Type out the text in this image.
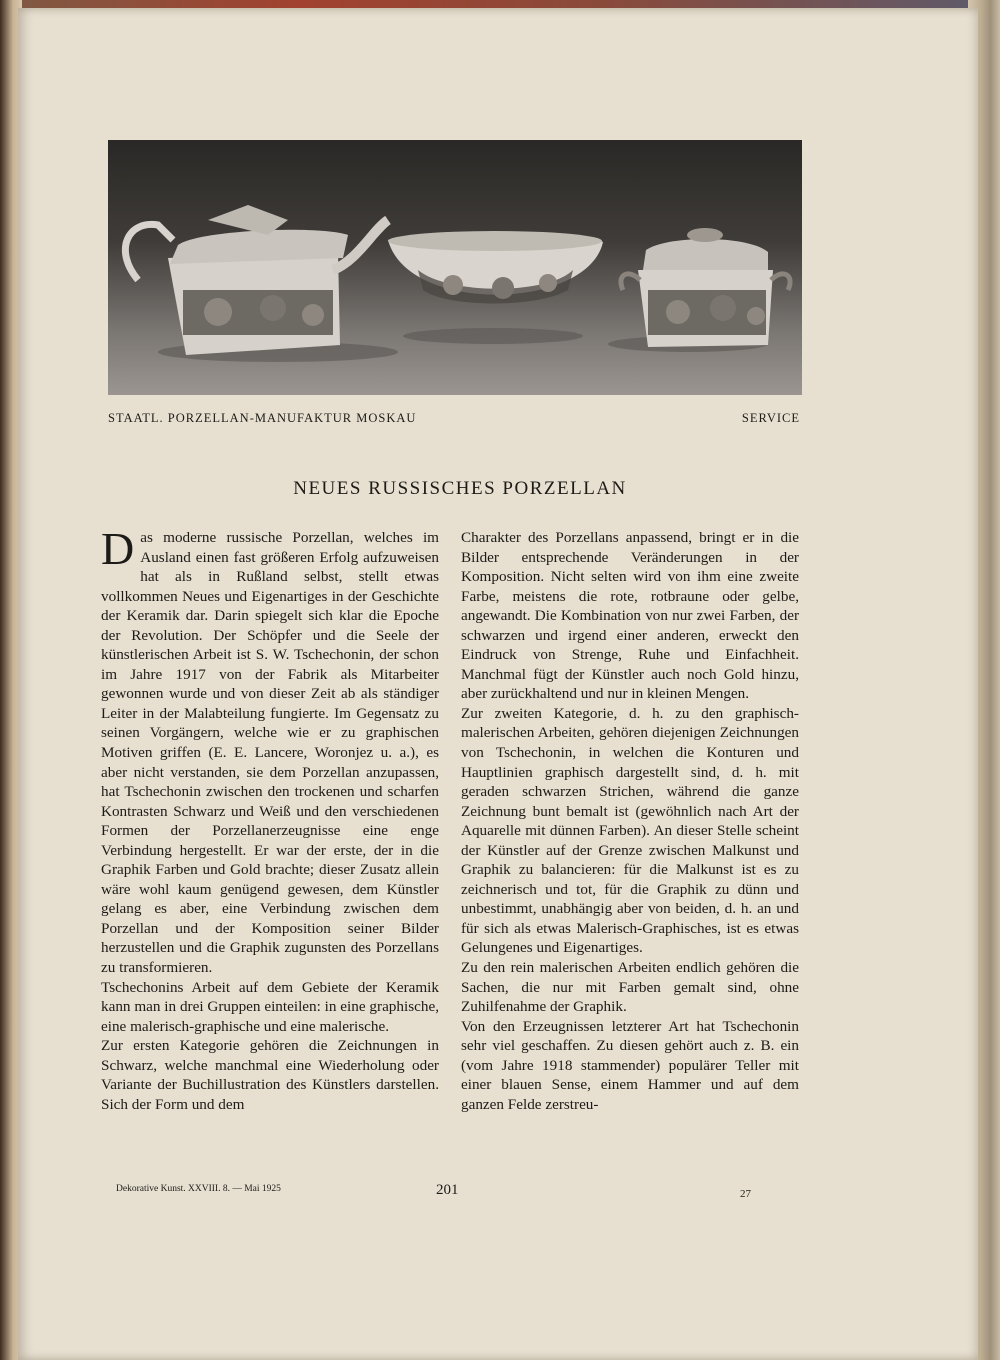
STAATL. PORZELLAN-MANUFAKTUR MOSKAU	SERVICE
NEUES RUSSISCHES PORZELLAN

Das moderne russische Porzellan, welches im Ausland einen fast größeren Erfolg aufzuweisen hat als in Rußland selbst, stellt etwas vollkommen Neues und Eigenartiges in der Geschichte der Keramik dar. Darin spiegelt sich klar die Epoche der Revolution. Der Schöpfer und die Seele der künstlerischen Arbeit ist S. W. Tschechonin, der schon im Jahre 1917 von der Fabrik als Mitarbeiter gewonnen wurde und von dieser Zeit ab als ständiger Leiter in der Malabteilung fungierte. Im Gegensatz zu seinen Vorgängern, welche wie er zu graphischen Motiven griffen (E. E. Lancere, Woronjez u. a.), es aber nicht verstanden, sie dem Porzellan anzupassen, hat Tschechonin zwischen den trockenen und scharfen Kontrasten Schwarz und Weiß und den verschiedenen Formen der Porzellanerzeugnisse eine enge Verbindung hergestellt. Er war der erste, der in die Graphik Farben und Gold brachte; dieser Zusatz allein wäre wohl kaum genügend gewesen, dem Künstler gelang es aber, eine Verbindung zwischen dem Porzellan und der Komposition seiner Bilder herzustellen und die Graphik zugunsten des Porzellans zu transformieren.

Tschechonins Arbeit auf dem Gebiete der Keramik kann man in drei Gruppen einteilen: in eine graphische, eine malerisch-graphische und eine malerische.

Zur ersten Kategorie gehören die Zeichnungen in Schwarz, welche manchmal eine Wiederholung oder Variante der Buchillustration des Künstlers darstellen. Sich der Form und dem

Charakter des Porzellans anpassend, bringt er in die Bilder entsprechende Veränderungen in der Komposition. Nicht selten wird von ihm eine zweite Farbe, meistens die rote, rotbraune oder gelbe, angewandt. Die Kombination von nur zwei Farben, der schwarzen und irgend einer anderen, erweckt den Eindruck von Strenge, Ruhe und Einfachheit. Manchmal fügt der Künstler auch noch Gold hinzu, aber zurückhaltend und nur in kleinen Mengen.

Zur zweiten Kategorie, d. h. zu den graphisch-malerischen Arbeiten, gehören diejenigen Zeichnungen von Tschechonin, in welchen die Konturen und Hauptlinien graphisch dargestellt sind, d. h. mit geraden schwarzen Strichen, während die ganze Zeichnung bunt bemalt ist (gewöhnlich nach Art der Aquarelle mit dünnen Farben). An dieser Stelle scheint der Künstler auf der Grenze zwischen Malkunst und Graphik zu balancieren: für die Malkunst ist es zu zeichnerisch und tot, für die Graphik zu dünn und unbestimmt, unabhängig aber von beiden, d. h. an und für sich als etwas Malerisch-Graphisches, ist es etwas Gelungenes und Eigenartiges.

Zu den rein malerischen Arbeiten endlich gehören die Sachen, die nur mit Farben gemalt sind, ohne Zuhilfenahme der Graphik.

Von den Erzeugnissen letzterer Art hat Tschechonin sehr viel geschaffen. Zu diesen gehört auch z. B. ein (vom Jahre 1918 stammender) populärer Teller mit einer blauen Sense, einem Hammer und auf dem ganzen Felde zerstreu-

Dekorative Kunst. XXVIII. 8. — Mai 1925	201	27
